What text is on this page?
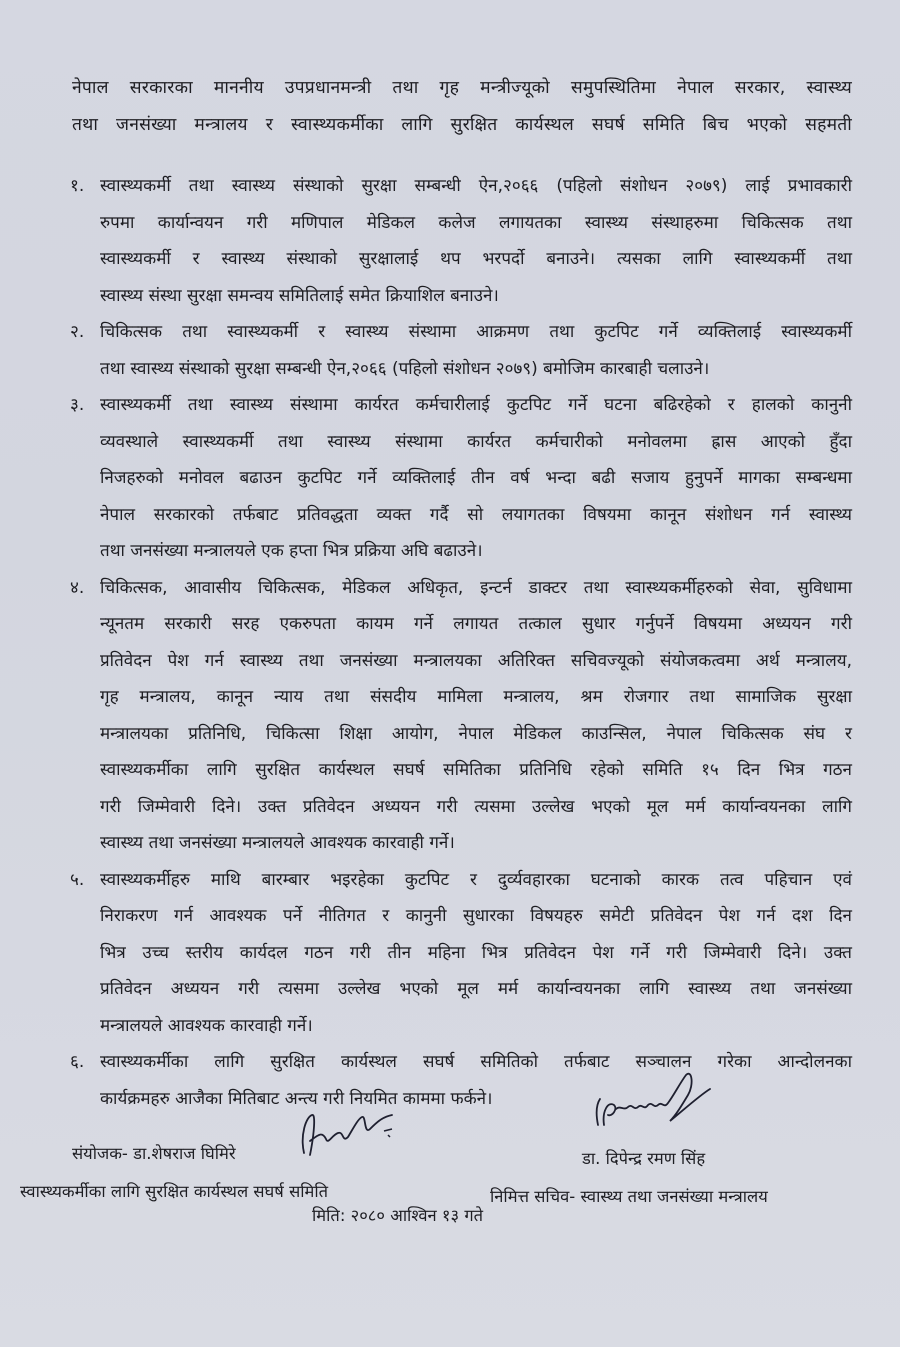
नेपाल सरकारका माननीय उपप्रधानमन्त्री तथा गृह मन्त्रीज्यूको समुपस्थितिमा नेपाल सरकार, स्वास्थ्य
तथा जनसंख्या मन्त्रालय र स्वास्थ्यकर्मीका लागि सुरक्षित कार्यस्थल सघर्ष समिति बिच भएको सहमती
१. स्वास्थ्यकर्मी तथा स्वास्थ्य संस्थाको सुरक्षा सम्बन्धी ऐन,२०६६ (पहिलो संशोधन २०७९) लाई प्रभावकारी
रुपमा कार्यान्वयन गरी मणिपाल मेडिकल कलेज लगायतका स्वास्थ्य संस्थाहरुमा चिकित्सक तथा
स्वास्थ्यकर्मी र स्वास्थ्य संस्थाको सुरक्षालाई थप भरपर्दो बनाउने। त्यसका लागि स्वास्थ्यकर्मी तथा
स्वास्थ्य संस्था सुरक्षा समन्वय समितिलाई समेत क्रियाशिल बनाउने।
२. चिकित्सक तथा स्वास्थ्यकर्मी र स्वास्थ्य संस्थामा आक्रमण तथा कुटपिट गर्ने व्यक्तिलाई स्वास्थ्यकर्मी
तथा स्वास्थ्य संस्थाको सुरक्षा सम्बन्धी ऐन,२०६६ (पहिलो संशोधन २०७९) बमोजिम कारबाही चलाउने।
३. स्वास्थ्यकर्मी तथा स्वास्थ्य संस्थामा कार्यरत कर्मचारीलाई कुटपिट गर्ने घटना बढिरहेको र हालको कानुनी
व्यवस्थाले स्वास्थ्यकर्मी तथा स्वास्थ्य संस्थामा कार्यरत कर्मचारीको मनोवलमा ह्रास आएको हुँदा
निजहरुको मनोवल बढाउन कुटपिट गर्ने व्यक्तिलाई तीन वर्ष भन्दा बढी सजाय हुनुपर्ने मागका सम्बन्धमा
नेपाल सरकारको तर्फबाट प्रतिवद्धता व्यक्त गर्दै सो लयागतका विषयमा कानून संशोधन गर्न स्वास्थ्य
तथा जनसंख्या मन्त्रालयले एक हप्ता भित्र प्रक्रिया अघि बढाउने।
४. चिकित्सक, आवासीय चिकित्सक, मेडिकल अधिकृत, इन्टर्न डाक्टर तथा स्वास्थ्यकर्मीहरुको सेवा, सुविधामा
न्यूनतम सरकारी सरह एकरुपता कायम गर्ने लगायत तत्काल सुधार गर्नुपर्ने विषयमा अध्ययन गरी
प्रतिवेदन पेश गर्न स्वास्थ्य तथा जनसंख्या मन्त्रालयका अतिरिक्त सचिवज्यूको संयोजकत्वमा अर्थ मन्त्रालय,
गृह मन्त्रालय, कानून न्याय तथा संसदीय मामिला मन्त्रालय, श्रम रोजगार तथा सामाजिक सुरक्षा
मन्त्रालयका प्रतिनिधि, चिकित्सा शिक्षा आयोग, नेपाल मेडिकल काउन्सिल, नेपाल चिकित्सक संघ र
स्वास्थ्यकर्मीका लागि सुरक्षित कार्यस्थल सघर्ष समितिका प्रतिनिधि रहेको समिति १५ दिन भित्र गठन
गरी जिम्मेवारी दिने। उक्त प्रतिवेदन अध्ययन गरी त्यसमा उल्लेख भएको मूल मर्म कार्यान्वयनका लागि
स्वास्थ्य तथा जनसंख्या मन्त्रालयले आवश्यक कारवाही गर्ने।
५. स्वास्थ्यकर्मीहरु माथि बारम्बार भइरहेका कुटपिट र दुर्व्यवहारका घटनाको कारक तत्व पहिचान एवं
निराकरण गर्न आवश्यक पर्ने नीतिगत र कानुनी सुधारका विषयहरु समेटी प्रतिवेदन पेश गर्न दश दिन
भित्र उच्च स्तरीय कार्यदल गठन गरी तीन महिना भित्र प्रतिवेदन पेश गर्ने गरी जिम्मेवारी दिने। उक्त
प्रतिवेदन अध्ययन गरी त्यसमा उल्लेख भएको मूल मर्म कार्यान्वयनका लागि स्वास्थ्य तथा जनसंख्या
मन्त्रालयले आवश्यक कारवाही गर्ने।
६. स्वास्थ्यकर्मीका लागि सुरक्षित कार्यस्थल सघर्ष समितिको तर्फबाट सञ्चालन गरेका आन्दोलनका
कार्यक्रमहरु आजैका मितिबाट अन्त्य गरी नियमित काममा फर्कने।
संयोजक- डा.शेषराज घिमिरे
स्वास्थ्यकर्मीका लागि सुरक्षित कार्यस्थल सघर्ष समिति
डा. दिपेन्द्र रमण सिंह
निमित्त सचिव- स्वास्थ्य तथा जनसंख्या मन्त्रालय
मिति: २०८० आश्विन १३ गते
